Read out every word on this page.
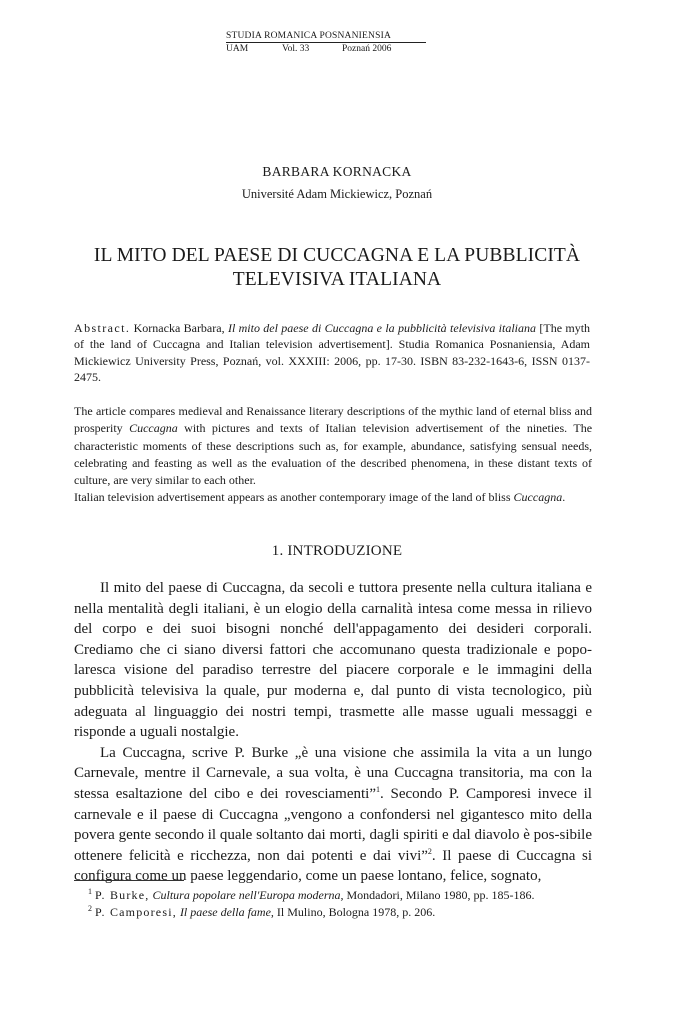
STUDIA ROMANICA POSNANIENSIA
UAM	Vol. 33	Poznań 2006
BARBARA KORNACKA
Université Adam Mickiewicz, Poznań
IL MITO DEL PAESE DI CUCCAGNA E LA PUBBLICITÀ
TELEVISIVA ITALIANA
Abstract. Kornacka Barbara, Il mito del paese di Cuccagna e la pubblicità televisiva italiana [The myth of the land of Cuccagna and Italian television advertisement]. Studia Romanica Posnaniensia, Adam Mickiewicz University Press, Poznań, vol. XXXIII: 2006, pp. 17-30. ISBN 83-232-1643-6, ISSN 0137-2475.

The article compares medieval and Renaissance literary descriptions of the mythic land of eternal bliss and prosperity Cuccagna with pictures and texts of Italian television advertisement of the nineties. The characteristic moments of these descriptions such as, for example, abundance, satisfying sensual needs, celebrating and feasting as well as the evaluation of the described phenomena, in these distant texts of culture, are very similar to each other.

Italian television advertisement appears as another contemporary image of the land of bliss Cuccagna.

1. INTRODUZIONE

Il mito del paese di Cuccagna, da secoli e tuttora presente nella cultura italiana e nella mentalità degli italiani, è un elogio della carnalità intesa come messa in rilievo del corpo e dei suoi bisogni nonché dell'appagamento dei desideri corporali. Crediamo che ci siano diversi fattori che accomunano questa tradizionale e popo-laresca visione del paradiso terrestre del piacere corporale e le immagini della pubblicità televisiva la quale, pur moderna e, dal punto di vista tecnologico, più adeguata al linguaggio dei nostri tempi, trasmette alle masse uguali messaggi e risponde a uguali nostalgie.

La Cuccagna, scrive P. Burke „è una visione che assimila la vita a un lungo Carnevale, mentre il Carnevale, a sua volta, è una Cuccagna transitoria, ma con la stessa esaltazione del cibo e dei rovesciamenti”$^1$. Secondo P. Camporesi invece il carnevale e il paese di Cuccagna „vengono a confondersi nel gigantesco mito della povera gente secondo il quale soltanto dai morti, dagli spiriti e dal diavolo è pos-sibile ottenere felicità e ricchezza, non dai potenti e dai vivi”$^2$. Il paese di Cuccagna si configura come un paese leggendario, come un paese lontano, felice, sognato,

$^1$ P. Burke, Cultura popolare nell'Europa moderna, Mondadori, Milano 1980, pp. 185-186.
$^2$ P. Camporesi, Il paese della fame, Il Mulino, Bologna 1978, p. 206.
